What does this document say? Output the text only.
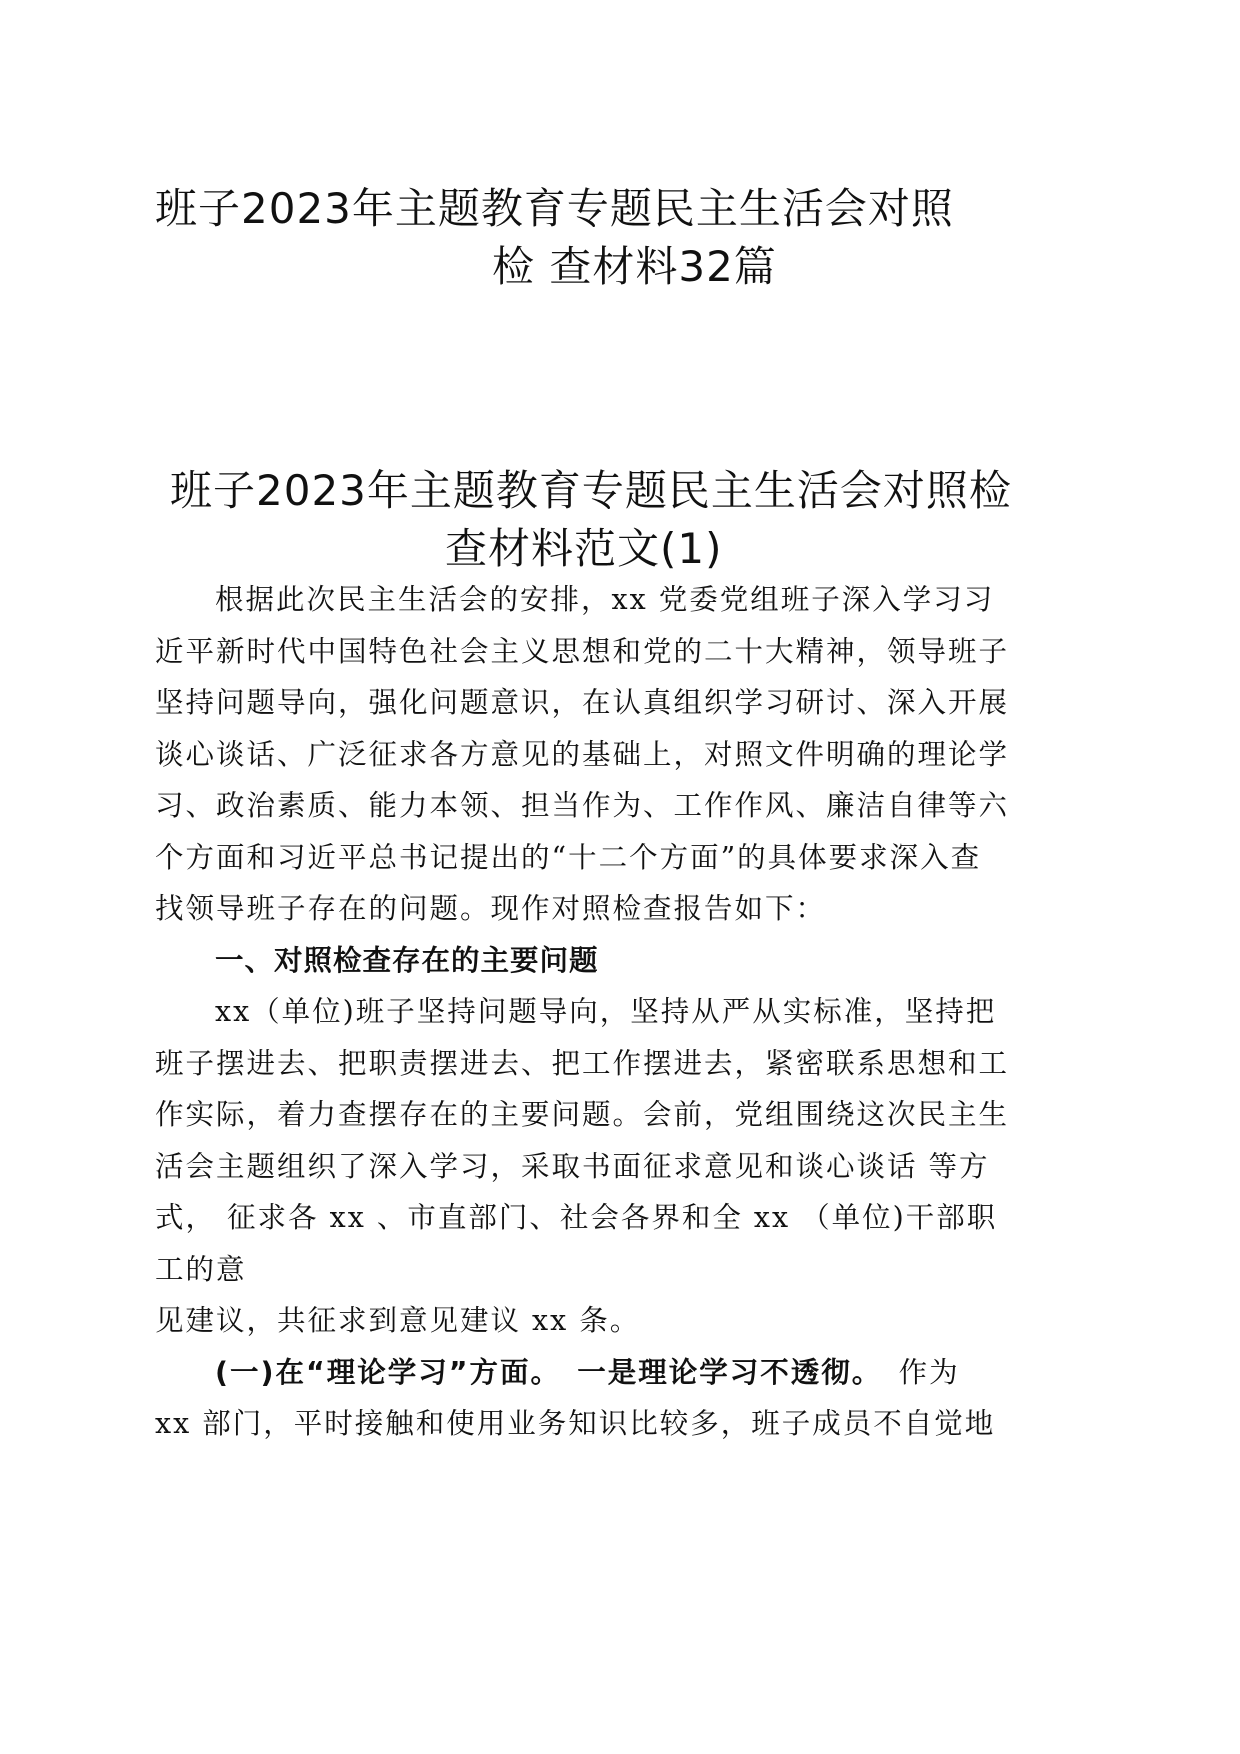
班子2023年主题教育专题民主生活会对照
检 查材料32篇
班子2023年主题教育专题民主生活会对照检
查材料范文(1)
根据此次民主生活会的安排，xx 党委党组班子深入学习习
近平新时代中国特色社会主义思想和党的二十大精神，领导班子
坚持问题导向，强化问题意识，在认真组织学习研讨、深入开展
谈心谈话、广泛征求各方意见的基础上，对照文件明确的理论学
习、政治素质、能力本领、担当作为、工作作风、廉洁自律等六
个方面和习近平总书记提出的“十二个方面”的具体要求深入查
找领导班子存在的问题。现作对照检查报告如下：
一、对照检查存在的主要问题
xx（单位)班子坚持问题导向，坚持从严从实标准，坚持把
班子摆进去、把职责摆进去、把工作摆进去，紧密联系思想和工
作实际，着力查摆存在的主要问题。会前，党组围绕这次民主生
活会主题组织了深入学习，采取书面征求意见和谈心谈话 等方
式， 征求各 xx 、市直部门、社会各界和全 xx （单位)干部职
工的意
见建议，共征求到意见建议 xx 条。
(一)在“理论学习”方面。　 一是理论学习不透彻。　 作为
xx 部门，平时接触和使用业务知识比较多，班子成员不自觉地
